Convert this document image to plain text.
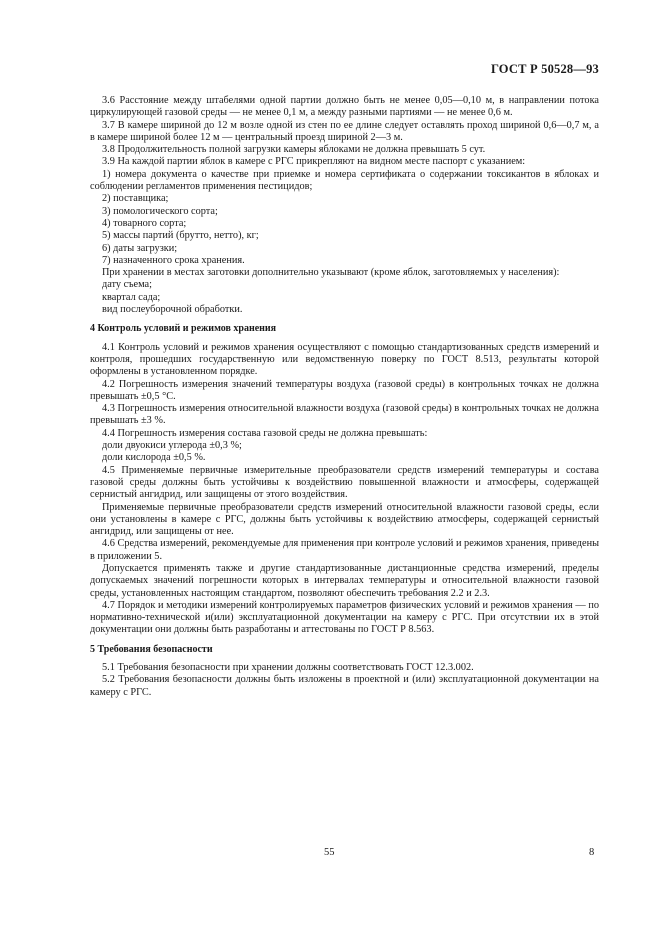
ГОСТ Р 50528—93

3.6 Расстояние между штабелями одной партии должно быть не менее 0,05—0,10 м, в направлении потока циркулирующей газовой среды — не менее 0,1 м, а между разными партиями — не менее 0,6 м.

3.7 В камере шириной до 12 м возле одной из стен по ее длине следует оставлять проход шириной 0,6—0,7 м, а в камере шириной более 12 м — центральный проезд шириной 2—3 м.

3.8 Продолжительность полной загрузки камеры яблоками не должна превышать 5 сут.

3.9 На каждой партии яблок в камере с РГС прикрепляют на видном месте паспорт с указанием:

1) номера документа о качестве при приемке и номера сертификата о содержании токсикантов в яблоках и соблюдении регламентов применения пестицидов;

2) поставщика;

3) помологического сорта;

4) товарного сорта;

5) массы партий (брутто, нетто), кг;

6) даты загрузки;

7) назначенного срока хранения.

При хранении в местах заготовки дополнительно указывают (кроме яблок, заготовляемых у населения):

дату съема;

квартал сада;

вид послеуборочной обработки.

4 Контроль условий и режимов хранения

4.1 Контроль условий и режимов хранения осуществляют с помощью стандартизованных средств измерений и контроля, прошедших государственную или ведомственную поверку по ГОСТ 8.513, результаты которой оформлены в установленном порядке.

4.2 Погрешность измерения значений температуры воздуха (газовой среды) в контрольных точках не должна превышать ±0,5 °С.

4.3 Погрешность измерения относительной влажности воздуха (газовой среды) в контрольных точках не должна превышать ±3 %.

4.4 Погрешность измерения состава газовой среды не должна превышать:

доли двуокиси углерода ±0,3 %;

доли кислорода ±0,5 %.

4.5 Применяемые первичные измерительные преобразователи средств измерений температуры и состава газовой среды должны быть устойчивы к воздействию повышенной влажности и атмосферы, содержащей сернистый ангидрид, или защищены от этого воздействия.

Применяемые первичные преобразователи средств измерений относительной влажности газовой среды, если они установлены в камере с РГС, должны быть устойчивы к воздействию атмосферы, содержащей сернистый ангидрид, или защищены от нее.

4.6 Средства измерений, рекомендуемые для применения при контроле условий и режимов хранения, приведены в приложении 5.

Допускается применять также и другие стандартизованные дистанционные средства измерений, пределы допускаемых значений погрешности которых в интервалах температуры и относительной влажности газовой среды, установленных настоящим стандартом, позволяют обеспечить требования 2.2 и 2.3.

4.7 Порядок и методики измерений контролируемых параметров физических условий и режимов хранения — по нормативно-технической и(или) эксплуатационной документации на камеру с РГС. При отсутствии их в этой документации они должны быть разработаны и аттестованы по ГОСТ Р 8.563.

5 Требования безопасности

5.1 Требования безопасности при хранении должны соответствовать ГОСТ 12.3.002.

5.2 Требования безопасности должны быть изложены в проектной и (или) эксплуатационной документации на камеру с РГС.

55	8
